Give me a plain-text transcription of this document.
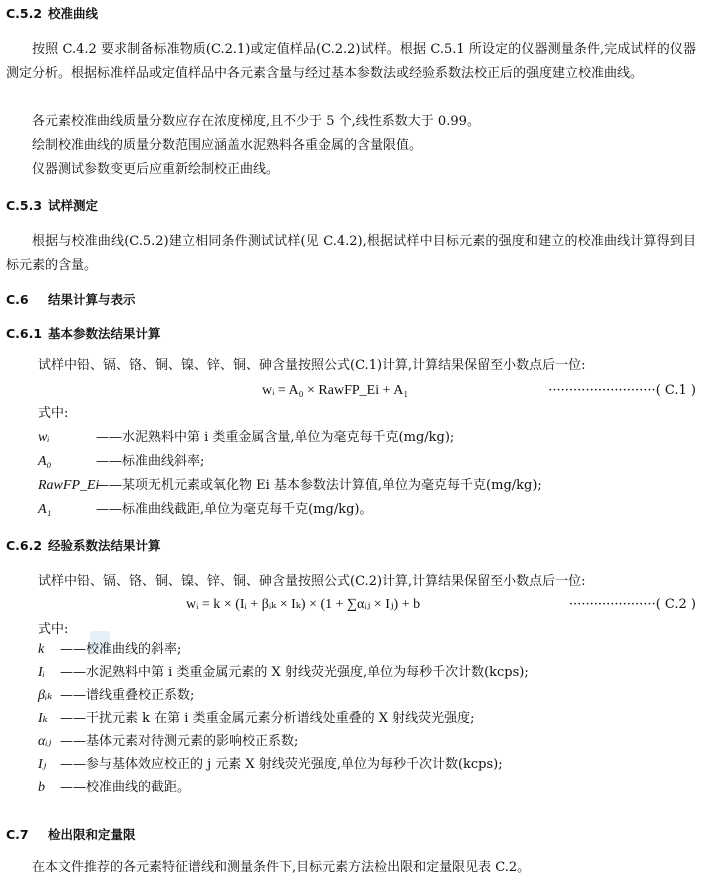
C.5.2 校准曲线
按照 C.4.2 要求制备标准物质(C.2.1)或定值样品(C.2.2)试样。根据 C.5.1 所设定的仪器测量条件,完成试样的仪器测定分析。根据标准样品或定值样品中各元素含量与经过基本参数法或经验系数法校正后的强度建立校准曲线。
各元素校准曲线质量分数应存在浓度梯度,且不少于 5 个,线性系数大于 0.99。
绘制校准曲线的质量分数范围应涵盖水泥熟料各重金属的含量限值。
仪器测试参数变更后应重新绘制校正曲线。
C.5.3 试样测定
根据与校准曲线(C.5.2)建立相同条件测试试样(见 C.4.2),根据试样中目标元素的强度和建立的校准曲线计算得到目标元素的含量。
C.6 结果计算与表示
C.6.1 基本参数法结果计算
试样中铅、镉、铬、铜、镍、锌、铜、砷含量按照公式(C.1)计算,计算结果保留至小数点后一位:
wᵢ = A₀ × RawFP_Ei + A₁	··························( C.1 )
式中:
wᵢ	——水泥熟料中第 i 类重金属含量,单位为毫克每千克(mg/kg);
A₀	——标准曲线斜率;
RawFP_Ei——某项无机元素或氧化物 Ei 基本参数法计算值,单位为毫克每千克(mg/kg);
A₁	——标准曲线截距,单位为毫克每千克(mg/kg)。
C.6.2 经验系数法结果计算
试样中铅、镉、铬、铜、镍、锌、铜、砷含量按照公式(C.2)计算,计算结果保留至小数点后一位:
wᵢ = k × (Iᵢ + βᵢₖ × Iₖ) × (1 + ∑αᵢⱼ × Iⱼ) + b	·····················( C.2 )
式中:
k ——校准曲线的斜率;
Iᵢ ——水泥熟料中第 i 类重金属元素的 X 射线荧光强度,单位为每秒千次计数(kcps);
βᵢₖ ——谱线重叠校正系数;
Iₖ ——干扰元素 k 在第 i 类重金属元素分析谱线处重叠的 X 射线荧光强度;
αᵢⱼ ——基体元素对待测元素的影响校正系数;
Iⱼ ——参与基体效应校正的 j 元素 X 射线荧光强度,单位为每秒千次计数(kcps);
b ——校准曲线的截距。
C.7 检出限和定量限
在本文件推荐的各元素特征谱线和测量条件下,目标元素方法检出限和定量限见表 C.2。
